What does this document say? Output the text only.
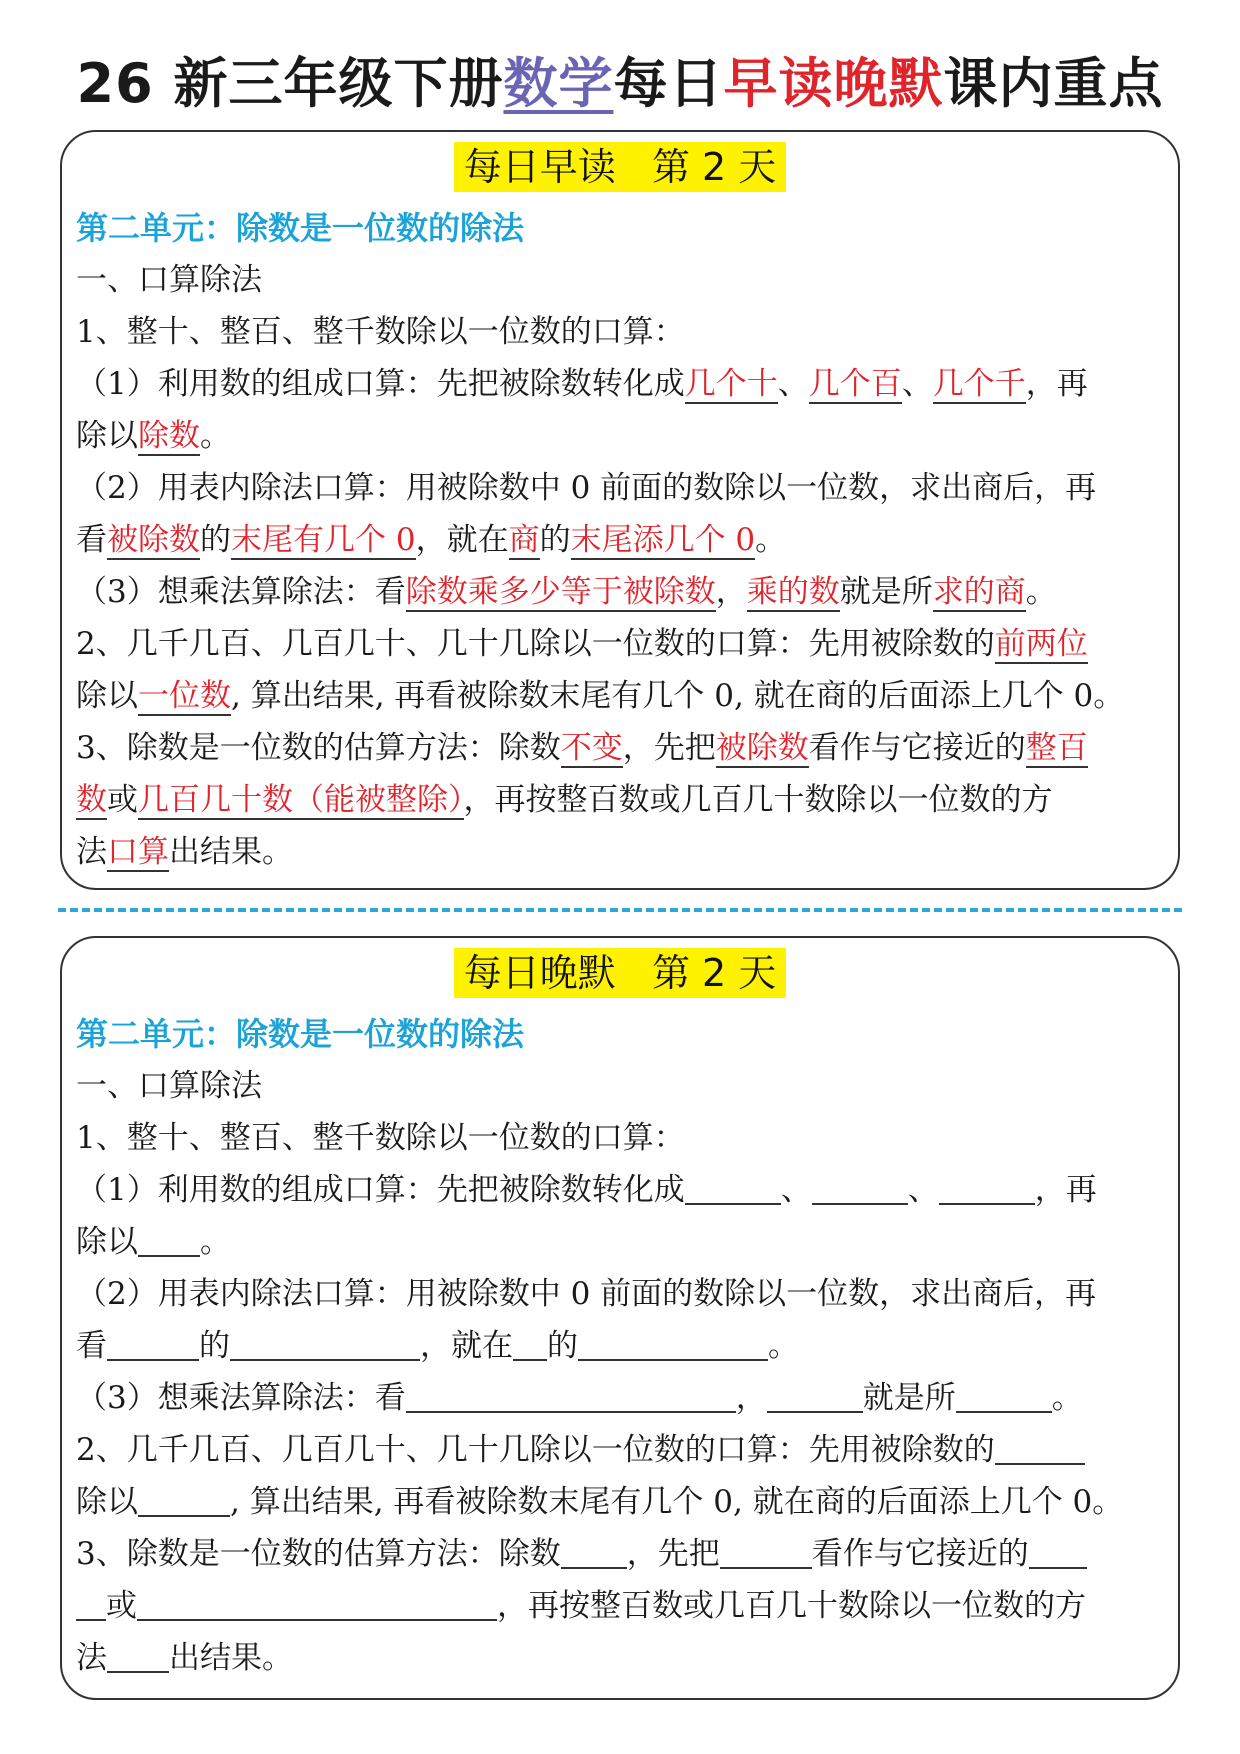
26 新三年级下册数学每日早读晚默课内重点
每日早读   第 2 天
第二单元：除数是一位数的除法
一、口算除法
1、整十、整百、整千数除以一位数的口算：
（1）利用数的组成口算：先把被除数转化成几个十、几个百、几个千，再
除以除数。
（2）用表内除法口算：用被除数中 0 前面的数除以一位数，求出商后，再
看被除数的末尾有几个 0，就在商的末尾添几个 0。
（3）想乘法算除法：看除数乘多少等于被除数，乘的数就是所求的商。
2、几千几百、几百几十、几十几除以一位数的口算：先用被除数的前两位
除以一位数, 算出结果, 再看被除数末尾有几个 0, 就在商的后面添上几个 0。
3、除数是一位数的估算方法：除数不变，先把被除数看作与它接近的整百
数或几百几十数（能被整除），再按整百数或几百几十数除以一位数的方
法口算出结果。
每日晚默   第 2 天
第二单元：除数是一位数的除法
一、口算除法
1、整十、整百、整千数除以一位数的口算：
（1）利用数的组成口算：先把被除数转化成	、	、	，再
除以 。
（2）用表内除法口算：用被除数中 0 前面的数除以一位数，求出商后，再
看	的	，就在 的	。
（3）想乘法算除法：看	，	就是所	。
2、几千几百、几百几十、几十几除以一位数的口算：先用被除数的
除以	, 算出结果, 再看被除数末尾有几个 0, 就在商的后面添上几个 0。
3、除数是一位数的估算方法：除数 ，先把	看作与它接近的
或	，再按整百数或几百几十数除以一位数的方
法 出结果。
